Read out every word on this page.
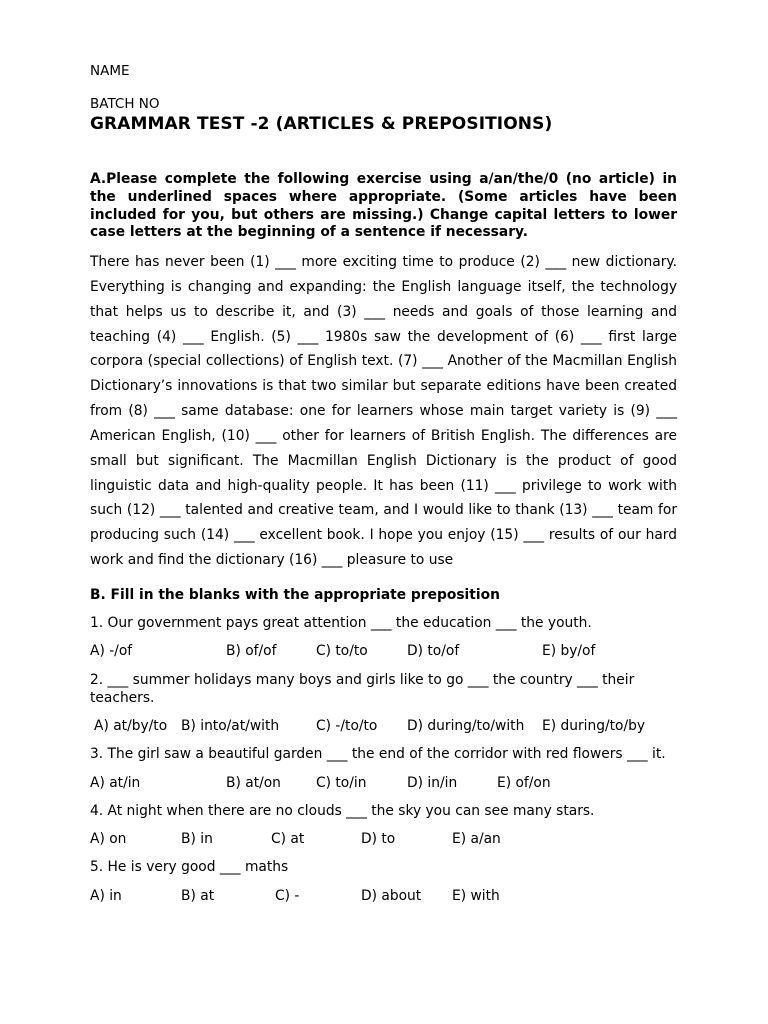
NAME
BATCH NO
GRAMMAR TEST -2 (ARTICLES & PREPOSITIONS)
A.Please complete the following exercise using a/an/the/0 (no article) in the underlined spaces where appropriate. (Some articles have been included for you, but others are missing.) Change capital letters to lower case letters at the beginning of a sentence if necessary.
There has never been (1) ___ more exciting time to produce (2) ___ new dictionary. Everything is changing and expanding: the English language itself, the technology that helps us to describe it, and (3) ___ needs and goals of those learning and teaching (4) ___ English. (5) ___ 1980s saw the development of (6) ___ first large corpora (special collections) of English text. (7) ___ Another of the Macmillan English Dictionary’s innovations is that two similar but separate editions have been created from (8) ___ same database: one for learners whose main target variety is (9) ___ American English, (10) ___ other for learners of British English. The differences are small but significant. The Macmillan English Dictionary is the product of good linguistic data and high-quality people. It has been (11) ___ privilege to work with such (12) ___ talented and creative team, and I would like to thank (13) ___ team for producing such (14) ___ excellent book. I hope you enjoy (15) ___ results of our hard work and find the dictionary (16) ___ pleasure to use
B. Fill in the blanks with the appropriate preposition
1. Our government pays great attention ___ the education ___ the youth.
A) -/of	B) of/of	C) to/to	D) to/of	E) by/of
2. ___ summer holidays many boys and girls like to go ___ the country ___ their teachers.
A) at/by/to B) into/at/with	C) -/to/to D) during/to/with E) during/to/by
3. The girl saw a beautiful garden ___ the end of the corridor with red flowers ___ it.
A) at/in	B) at/on	C) to/in	D) in/in	E) of/on
4. At night when there are no clouds ___ the sky you can see many stars.
A) on	B) in	C) at	D) to	E) a/an
5. He is very good ___ maths
A) in	B) at	C) -	D) about E) with
